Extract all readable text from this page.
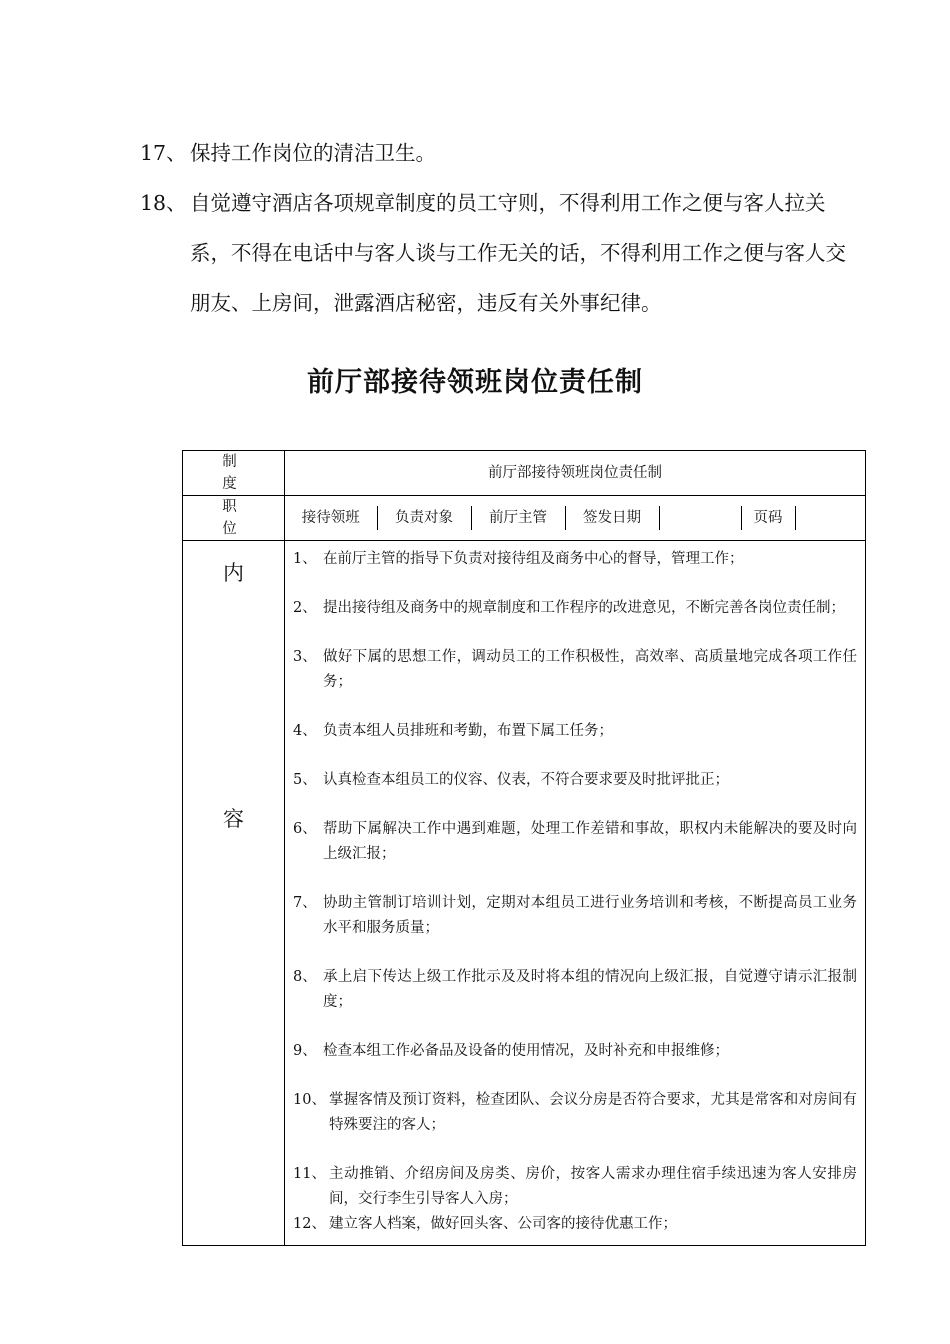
17、 保持工作岗位的清洁卫生。
18、 自觉遵守酒店各项规章制度的员工守则，不得利用工作之便与客人拉关系，不得在电话中与客人谈与工作无关的话，不得利用工作之便与客人交朋友、上房间，泄露酒店秘密，违反有关外事纪律。
前厅部接待领班岗位责任制
制　度	前厅部接待领班岗位责任制
职　位	
接待领班	负责对象	前厅主管	签发日期		页码	

内
容

1、 在前厅主管的指导下负责对接待组及商务中心的督导，管理工作；
2、 提出接待组及商务中的规章制度和工作程序的改进意见，不断完善各岗位责任制；
3、 做好下属的思想工作，调动员工的工作积极性，高效率、高质量地完成各项工作任务；
4、 负责本组人员排班和考勤，布置下属工任务；
5、 认真检查本组员工的仪容、仪表，不符合要求要及时批评批正；
6、 帮助下属解决工作中遇到难题，处理工作差错和事故，职权内未能解决的要及时向上级汇报；
7、 协助主管制订培训计划，定期对本组员工进行业务培训和考核，不断提高员工业务水平和服务质量；
8、 承上启下传达上级工作批示及及时将本组的情况向上级汇报，自觉遵守请示汇报制度；
9、 检查本组工作必备品及设备的使用情况，及时补充和申报维修；
10、 掌握客情及预订资料，检查团队、会议分房是否符合要求，尤其是常客和对房间有特殊要注的客人；
11、 主动推销、介绍房间及房类、房价，按客人需求办理住宿手续迅速为客人安排房间，交行李生引导客人入房；
12、 建立客人档案，做好回头客、公司客的接待优惠工作；
